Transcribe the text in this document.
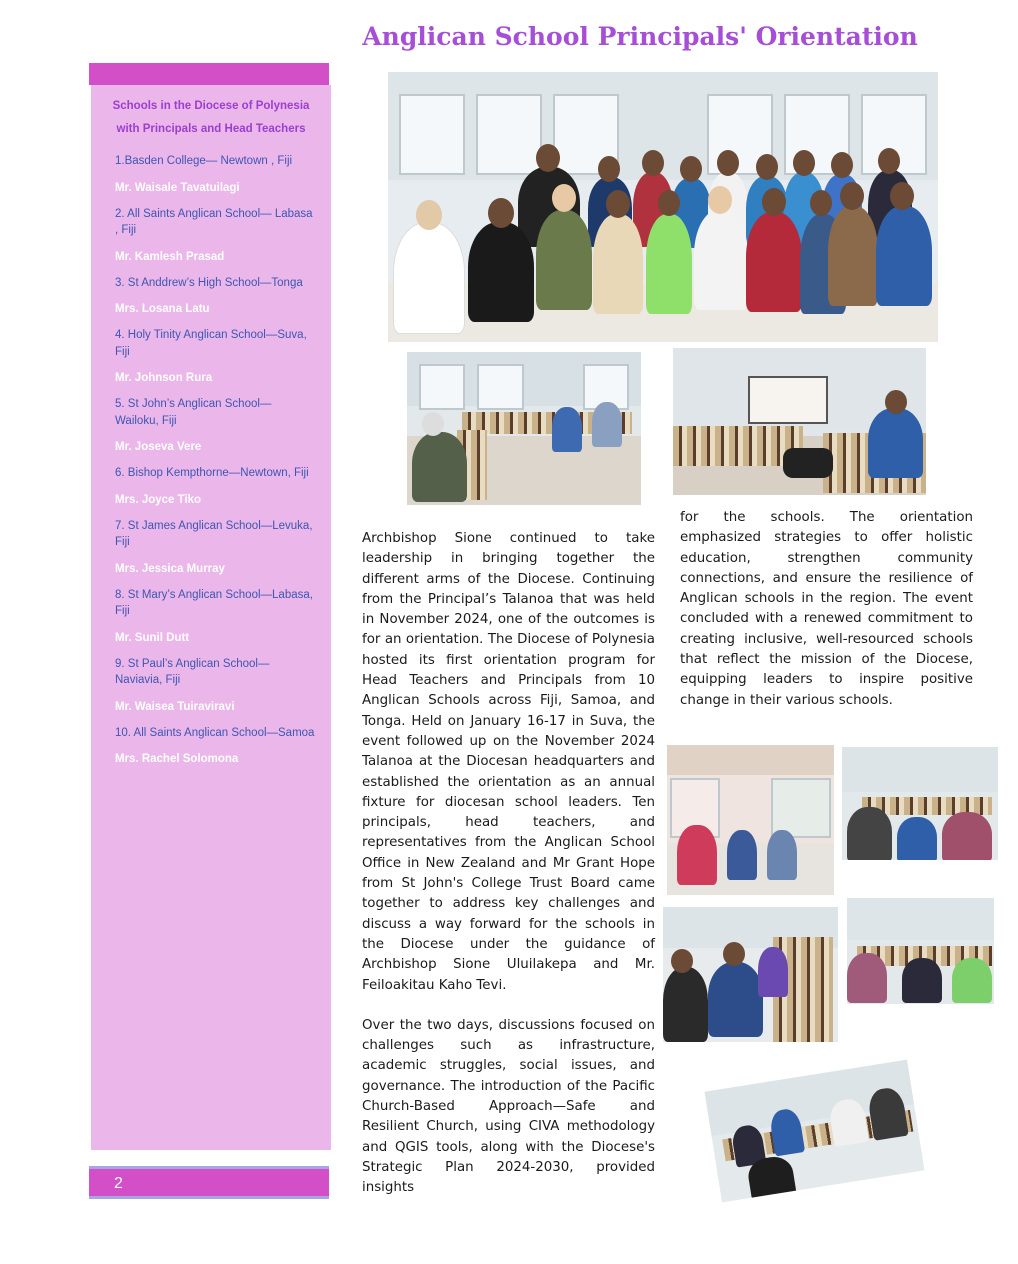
Anglican School Principals' Orientation
Schools in the Diocese of Polynesia with Principals and Head Teachers
1.Basden College— Newtown , Fiji
Mr. Waisale Tavatuilagi
2. All Saints Anglican School— Labasa , Fiji
Mr. Kamlesh Prasad
3. St Anddrew’s High School—Tonga
Mrs. Losana Latu
4. Holy Tinity Anglican School—Suva, Fiji
Mr. Johnson Rura
5. St John’s Anglican School—Wailoku, Fiji
Mr. Joseva Vere
6. Bishop Kempthorne—Newtown, Fiji
Mrs. Joyce Tiko
7. St James Anglican School—Levuka, Fiji
Mrs. Jessica Murray
8. St Mary’s Anglican School—Labasa, Fiji
Mr. Sunil Dutt
9. St Paul’s Anglican School—Naviavia, Fiji
Mr. Waisea Tuiraviravi
10. All Saints Anglican School—Samoa
Mrs. Rachel Solomona
2

Archbishop Sione continued to take leadership in bringing together the different arms of the Diocese. Continuing from the Principal’s Talanoa that was held in November 2024, one of the outcomes is for an orientation. The Diocese of Polynesia hosted its first orientation program for Head Teachers and Principals from 10 Anglican Schools across Fiji, Samoa, and Tonga. Held on January 16-17 in Suva, the event followed up on the November 2024 Talanoa at the Diocesan headquarters and established the orientation as an annual fixture for diocesan school leaders. Ten principals, head teachers, and representatives from the Anglican School Office in New Zealand and Mr Grant Hope from St John's College Trust Board came together to address key challenges and discuss a way forward for the schools in the Diocese under the guidance of Archbishop Sione Uluilakepa and Mr. Feiloakitau Kaho Tevi.

Over the two days, discussions focused on challenges such as infrastructure, academic struggles, social issues, and governance. The introduction of the Pacific Church-Based Approach—Safe and Resilient Church, using CIVA methodology and QGIS tools, along with the Diocese's Strategic Plan 2024-2030, provided insights

for the schools. The orientation emphasized strategies to offer holistic education, strengthen community connections, and ensure the resilience of Anglican schools in the region. The event concluded with a renewed commitment to creating inclusive, well-resourced schools that reflect the mission of the Diocese, equipping leaders to inspire positive change in their various schools.
